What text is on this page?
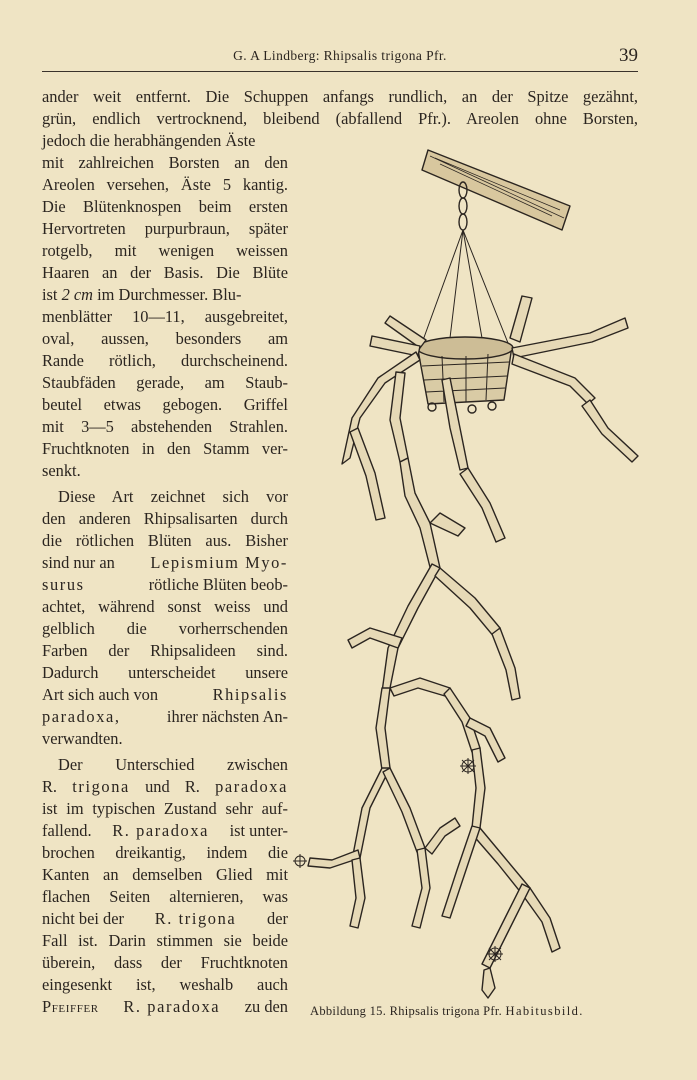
G. A Lindberg: Rhipsalis trigona Pfr.	39
ander weit entfernt. Die Schuppen anfangs rundlich, an der Spitze gezähnt,
grün, endlich vertrocknend, bleibend (abfallend Pfr.). Areolen ohne Borsten,
jedoch die herabhängenden Äste
mit zahlreichen Borsten an den
Areolen versehen, Äste 5 kantig.
Die Blütenknospen beim ersten
Hervortreten purpurbraun, später
rotgelb, mit wenigen weissen
Haaren an der Basis. Die Blüte
ist 2 cm im Durchmesser. Blu-
menblätter 10—11, ausgebreitet,
oval, aussen, besonders am
Rande rötlich, durchscheinend.
Staubfäden gerade, am Staub-
beutel etwas gebogen. Griffel
mit 3—5 abstehenden Strahlen.
Fruchtknoten in den Stamm ver-
senkt.
Diese Art zeichnet sich vor
den anderen Rhipsalisarten durch
die rötlichen Blüten aus. Bisher
sind nur an Lepismium Myo-
surus	rötliche Blüten beob-
achtet, während sonst weiss und
gelblich die vorherrschenden
Farben der Rhipsalideen sind.
Dadurch unterscheidet unsere
Art sich auch von	Rhipsalis
paradoxa,	ihrer nächsten An-
verwandten.
Der Unterschied zwischen
R. trigona und R. paradoxa
ist im typischen Zustand sehr auf-
fallend. R. paradoxa ist unter-
brochen dreikantig, indem die
Kanten an demselben Glied mit
flachen Seiten alternieren, was
nicht bei der R. trigona der
Fall ist. Darin stimmen sie beide
überein, dass der Fruchtknoten
eingesenkt ist, weshalb auch
Pfeiffer R. paradoxa zu den Abbildung 15. Rhipsalis trigona Pfr. Habitusbild.
